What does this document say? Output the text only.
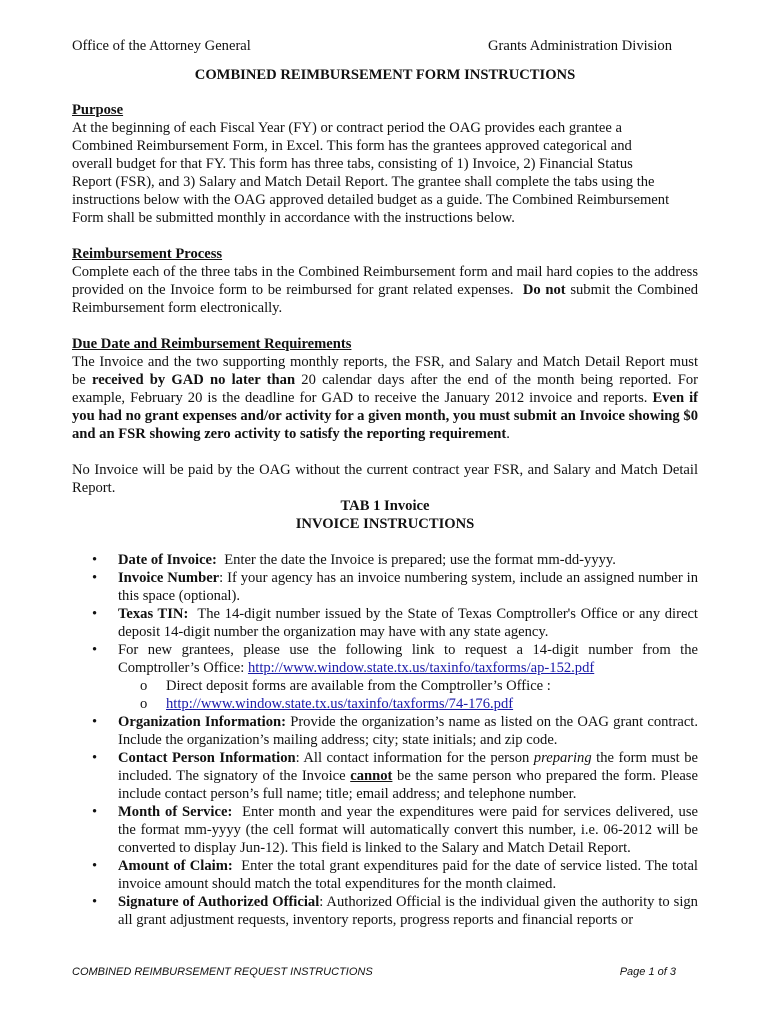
Office of the Attorney General	Grants Administration Division
COMBINED REIMBURSEMENT FORM INSTRUCTIONS
Purpose
At the beginning of each Fiscal Year (FY) or contract period the OAG provides each grantee a
Combined Reimbursement Form, in Excel. This form has the grantees approved categorical and
overall budget for that FY. This form has three tabs, consisting of 1) Invoice, 2) Financial Status
Report (FSR), and 3) Salary and Match Detail Report. The grantee shall complete the tabs using the
instructions below with the OAG approved detailed budget as a guide. The Combined Reimbursement
Form shall be submitted monthly in accordance with the instructions below.
Reimbursement Process
Complete each of the three tabs in the Combined Reimbursement form and mail hard copies to the address provided on the Invoice form to be reimbursed for grant related expenses. Do not submit the Combined Reimbursement form electronically.
Due Date and Reimbursement Requirements
The Invoice and the two supporting monthly reports, the FSR, and Salary and Match Detail Report must be received by GAD no later than 20 calendar days after the end of the month being reported. For example, February 20 is the deadline for GAD to receive the January 2012 invoice and reports. Even if you had no grant expenses and/or activity for a given month, you must submit an Invoice showing $0 and an FSR showing zero activity to satisfy the reporting requirement.
No Invoice will be paid by the OAG without the current contract year FSR, and Salary and Match Detail Report.
TAB 1 Invoice
INVOICE INSTRUCTIONS
• Date of Invoice: Enter the date the Invoice is prepared; use the format mm-dd-yyyy.
• Invoice Number: If your agency has an invoice numbering system, include an assigned number in this space (optional).
• Texas TIN: The 14-digit number issued by the State of Texas Comptroller's Office or any direct deposit 14-digit number the organization may have with any state agency.
• For new grantees, please use the following link to request a 14-digit number from the Comptroller’s Office: http://www.window.state.tx.us/taxinfo/taxforms/ap-152.pdf
o	Direct deposit forms are available from the Comptroller’s Office :
o	http://www.window.state.tx.us/taxinfo/taxforms/74-176.pdf
• Organization Information: Provide the organization’s name as listed on the OAG grant contract. Include the organization’s mailing address; city; state initials; and zip code.
• Contact Person Information: All contact information for the person preparing the form must be included. The signatory of the Invoice cannot be the same person who prepared the form. Please include contact person’s full name; title; email address; and telephone number.
• Month of Service: Enter month and year the expenditures were paid for services delivered, use the format mm-yyyy (the cell format will automatically convert this number, i.e. 06-2012 will be converted to display Jun-12). This field is linked to the Salary and Match Detail Report.
• Amount of Claim: Enter the total grant expenditures paid for the date of service listed. The total invoice amount should match the total expenditures for the month claimed.
• Signature of Authorized Official: Authorized Official is the individual given the authority to sign all grant adjustment requests, inventory reports, progress reports and financial reports or
COMBINED REIMBURSEMENT REQUEST INSTRUCTIONS	Page 1 of 3
